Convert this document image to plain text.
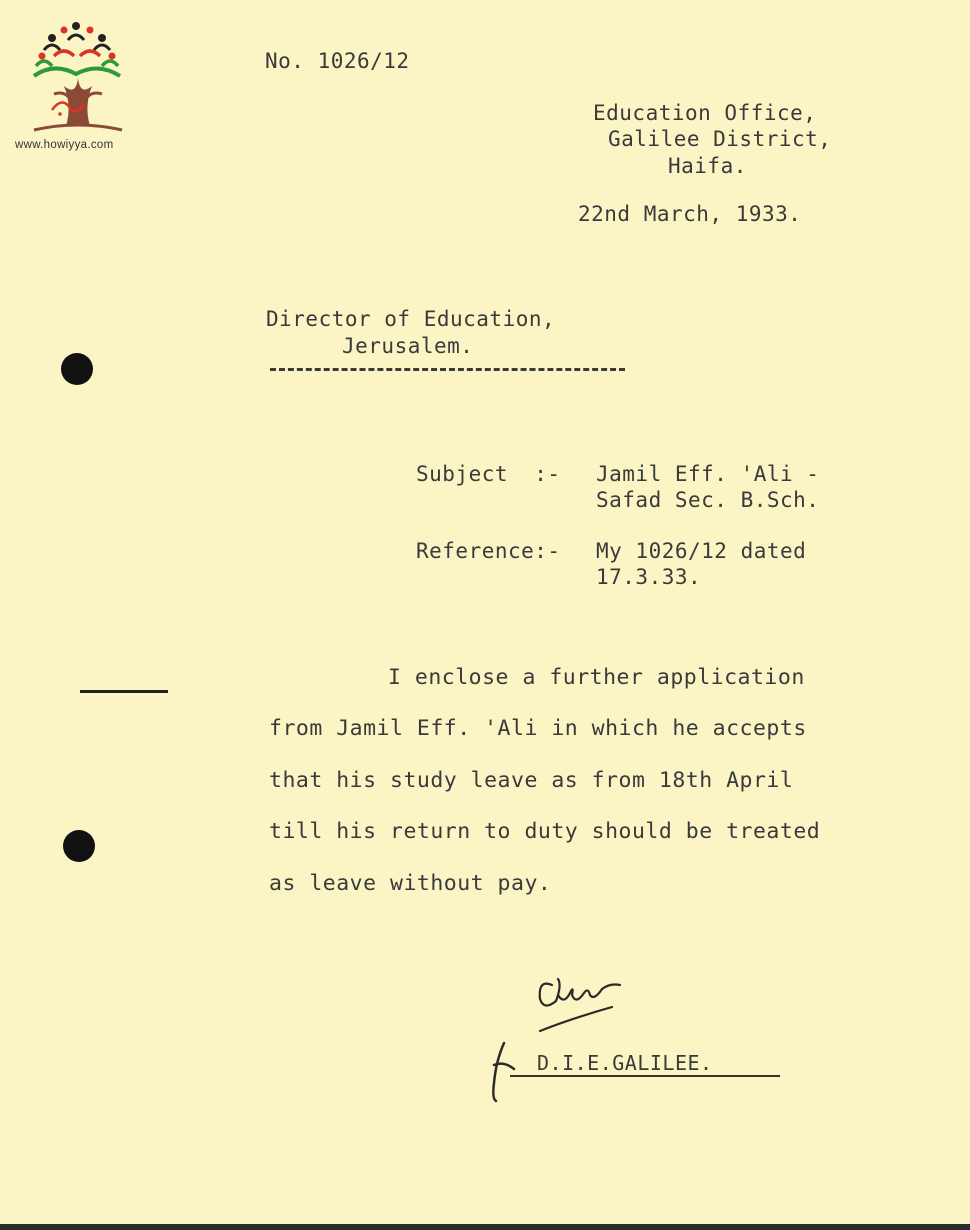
www.howiyya.com
No. 1026/12
Education Office,
Galilee District,
Haifa.
22nd March, 1933.
Director of Education,
Jerusalem.
Subject  :- Jamil Eff. 'Ali -
Safad Sec. B.Sch.
Reference:- My 1026/12 dated
17.3.33.
I enclose a further application
from Jamil Eff. 'Ali in which he accepts
that his study leave as from 18th April
till his return to duty should be treated
as leave without pay.
D.I.E.GALILEE.
